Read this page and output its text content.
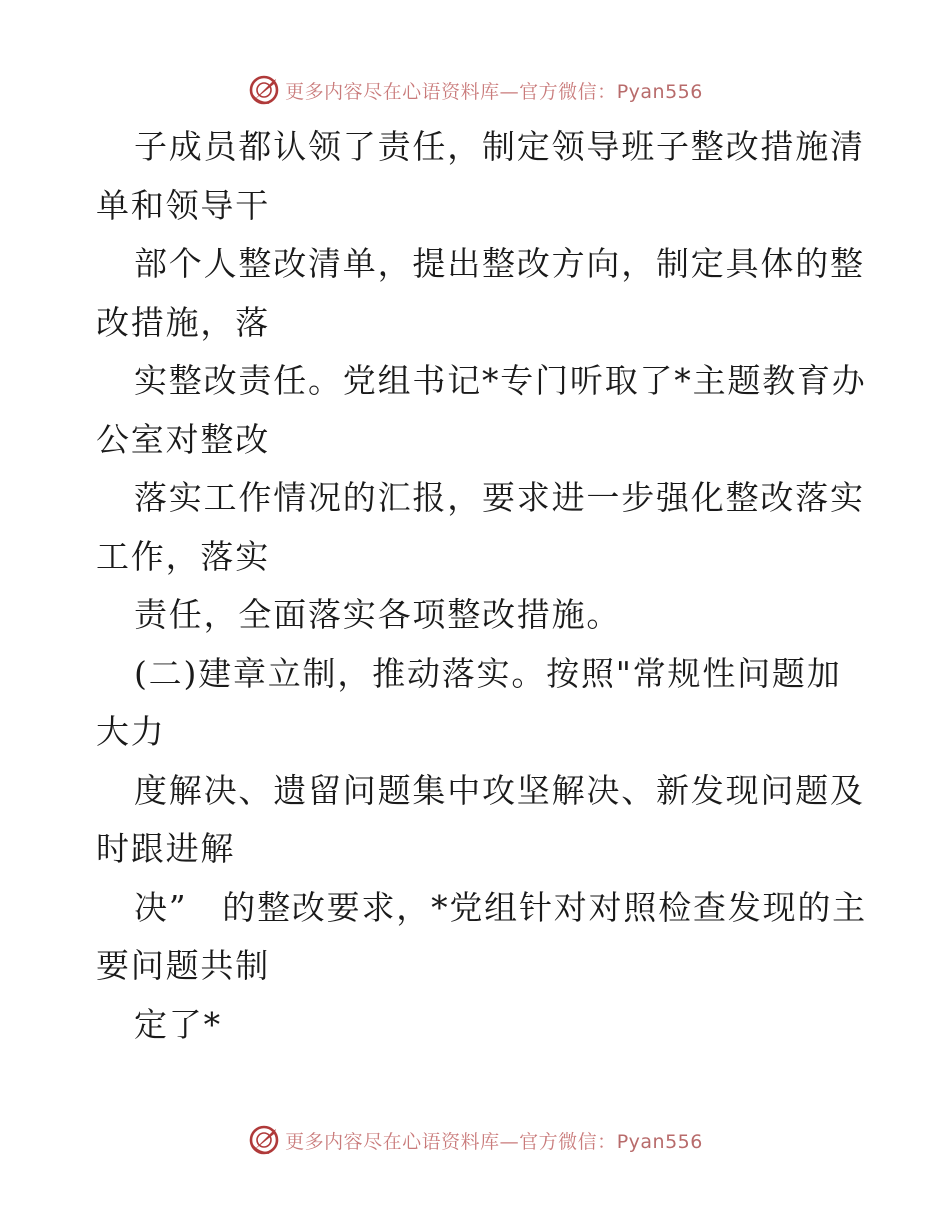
更多内容尽在心语资料库—官方微信：Pyan556
子成员都认领了责任，制定领导班子整改措施清
单和领导干
部个人整改清单，提出整改方向，制定具体的整
改措施，落
实整改责任。党组书记*专门听取了*主题教育办
公室对整改
落实工作情况的汇报，要求进一步强化整改落实
工作，落实
责任，全面落实各项整改措施。
(二)建章立制，推动落实。按照"常规性问题加
大力
度解决、遗留问题集中攻坚解决、新发现问题及
时跟进解
决”　的整改要求，*党组针对对照检查发现的主
要问题共制
定了*
更多内容尽在心语资料库—官方微信：Pyan556
